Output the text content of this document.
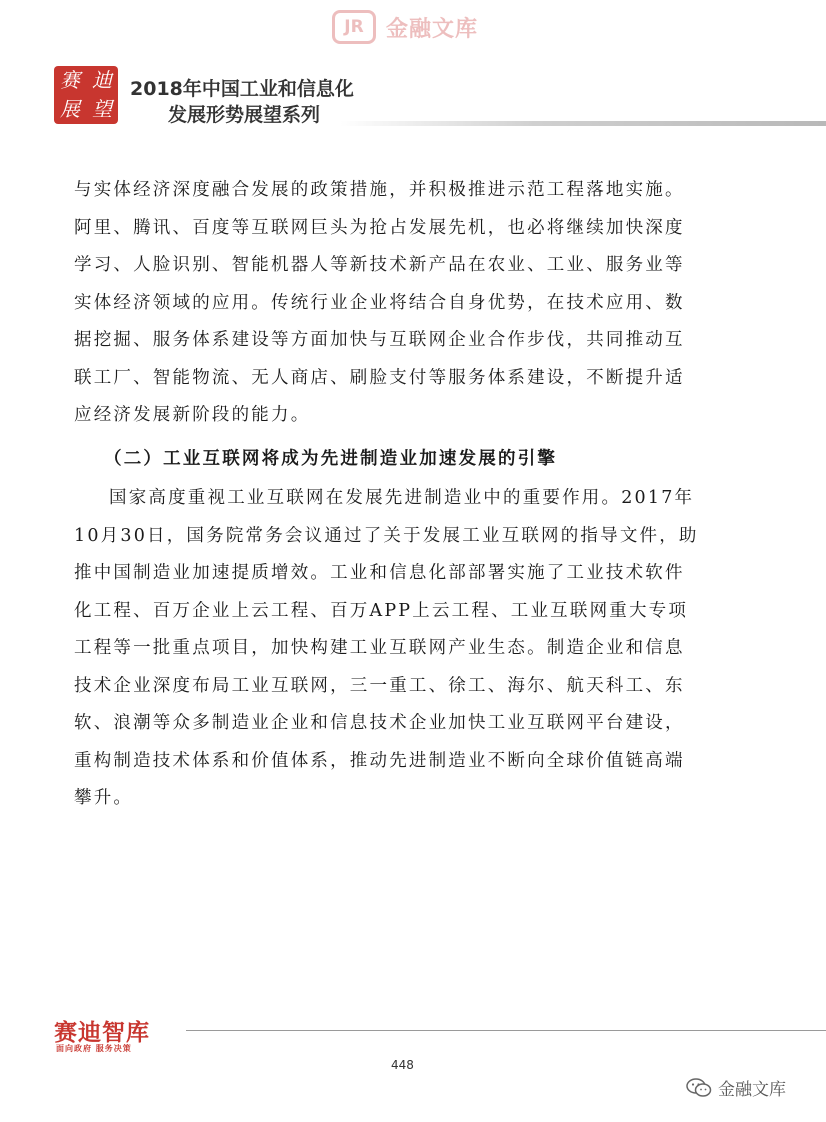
JR	金融文库
赛 迪
展 望
2018年中国工业和信息化
发展形势展望系列

与实体经济深度融合发展的政策措施，并积极推进示范工程落地实施。

阿里、腾讯、百度等互联网巨头为抢占发展先机，也必将继续加快深度

学习、人脸识别、智能机器人等新技术新产品在农业、工业、服务业等

实体经济领域的应用。传统行业企业将结合自身优势，在技术应用、数

据挖掘、服务体系建设等方面加快与互联网企业合作步伐，共同推动互

联工厂、智能物流、无人商店、刷脸支付等服务体系建设，不断提升适

应经济发展新阶段的能力。

（二）工业互联网将成为先进制造业加速发展的引擎

国家高度重视工业互联网在发展先进制造业中的重要作用。2017年

10月30日，国务院常务会议通过了关于发展工业互联网的指导文件，助

推中国制造业加速提质增效。工业和信息化部部署实施了工业技术软件

化工程、百万企业上云工程、百万APP上云工程、工业互联网重大专项

工程等一批重点项目，加快构建工业互联网产业生态。制造企业和信息

技术企业深度布局工业互联网，三一重工、徐工、海尔、航天科工、东

软、浪潮等众多制造业企业和信息技术企业加快工业互联网平台建设，

重构制造技术体系和价值体系，推动先进制造业不断向全球价值链高端

攀升。

赛迪智库
面向政府 服务决策
448
金融文库
